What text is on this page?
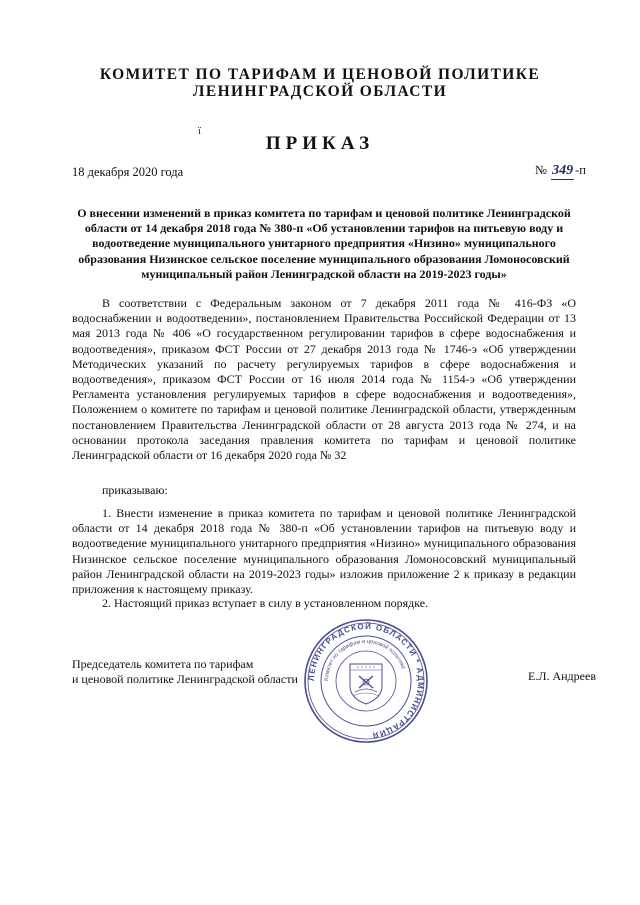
КОМИТЕТ ПО ТАРИФАМ И ЦЕНОВОЙ ПОЛИТИКЕ
ЛЕНИНГРАДСКОЙ ОБЛАСТИ
ї
ПРИКАЗ
18 декабря 2020 года	№ 349 -п
О внесении изменений в приказ комитета по тарифам и ценовой политике Ленинградской области от 14 декабря 2018 года № 380-п «Об установлении тарифов на питьевую воду и водоотведение муниципального унитарного предприятия «Низино» муниципального образования Низинское сельское поселение муниципального образования Ломоносовский муниципальный район Ленинградской области на 2019-2023 годы»

В соответствии с Федеральным законом от 7 декабря 2011 года № 416-ФЗ «О водоснабжении и водоотведении», постановлением Правительства Российской Федерации от 13 мая 2013 года № 406 «О государственном регулировании тарифов в сфере водоснабжения и водоотведения», приказом ФСТ России от 27 декабря 2013 года № 1746-э «Об утверждении Методических указаний по расчету регулируемых тарифов в сфере водоснабжения и водоотведения», приказом ФСТ России от 16 июля 2014 года № 1154-э «Об утверждении Регламента установления регулируемых тарифов в сфере водоснабжения и водоотведения», Положением о комитете по тарифам и ценовой политике Ленинградской области, утвержденным постановлением Правительства Ленинградской области от 28 августа 2013 года № 274, и на основании протокола заседания правления комитета по тарифам и ценовой политике Ленинградской области от 16 декабря 2020 года № 32

приказываю:

1. Внести изменение в приказ комитета по тарифам и ценовой политике Ленинградской области от 14 декабря 2018 года № 380-п «Об установлении тарифов на питьевую воду и водоотведение муниципального унитарного предприятия «Низино» муниципального образования Низинское сельское поселение муниципального образования Ломоносовский муниципальный район Ленинградской области на 2019-2023 годы» изложив приложение 2 к приказу в редакции приложения к настоящему приказу.

2. Настоящий приказ вступает в силу в установленном порядке.

Председатель комитета по тарифам
и ценовой политике Ленинградской области	Е.Л. Андреев
ЛЕНИНГРАДСКОЙ ОБЛАСТИ * АДМИНИСТРАЦИЯ
Комитет по тарифам и ценовой политике
